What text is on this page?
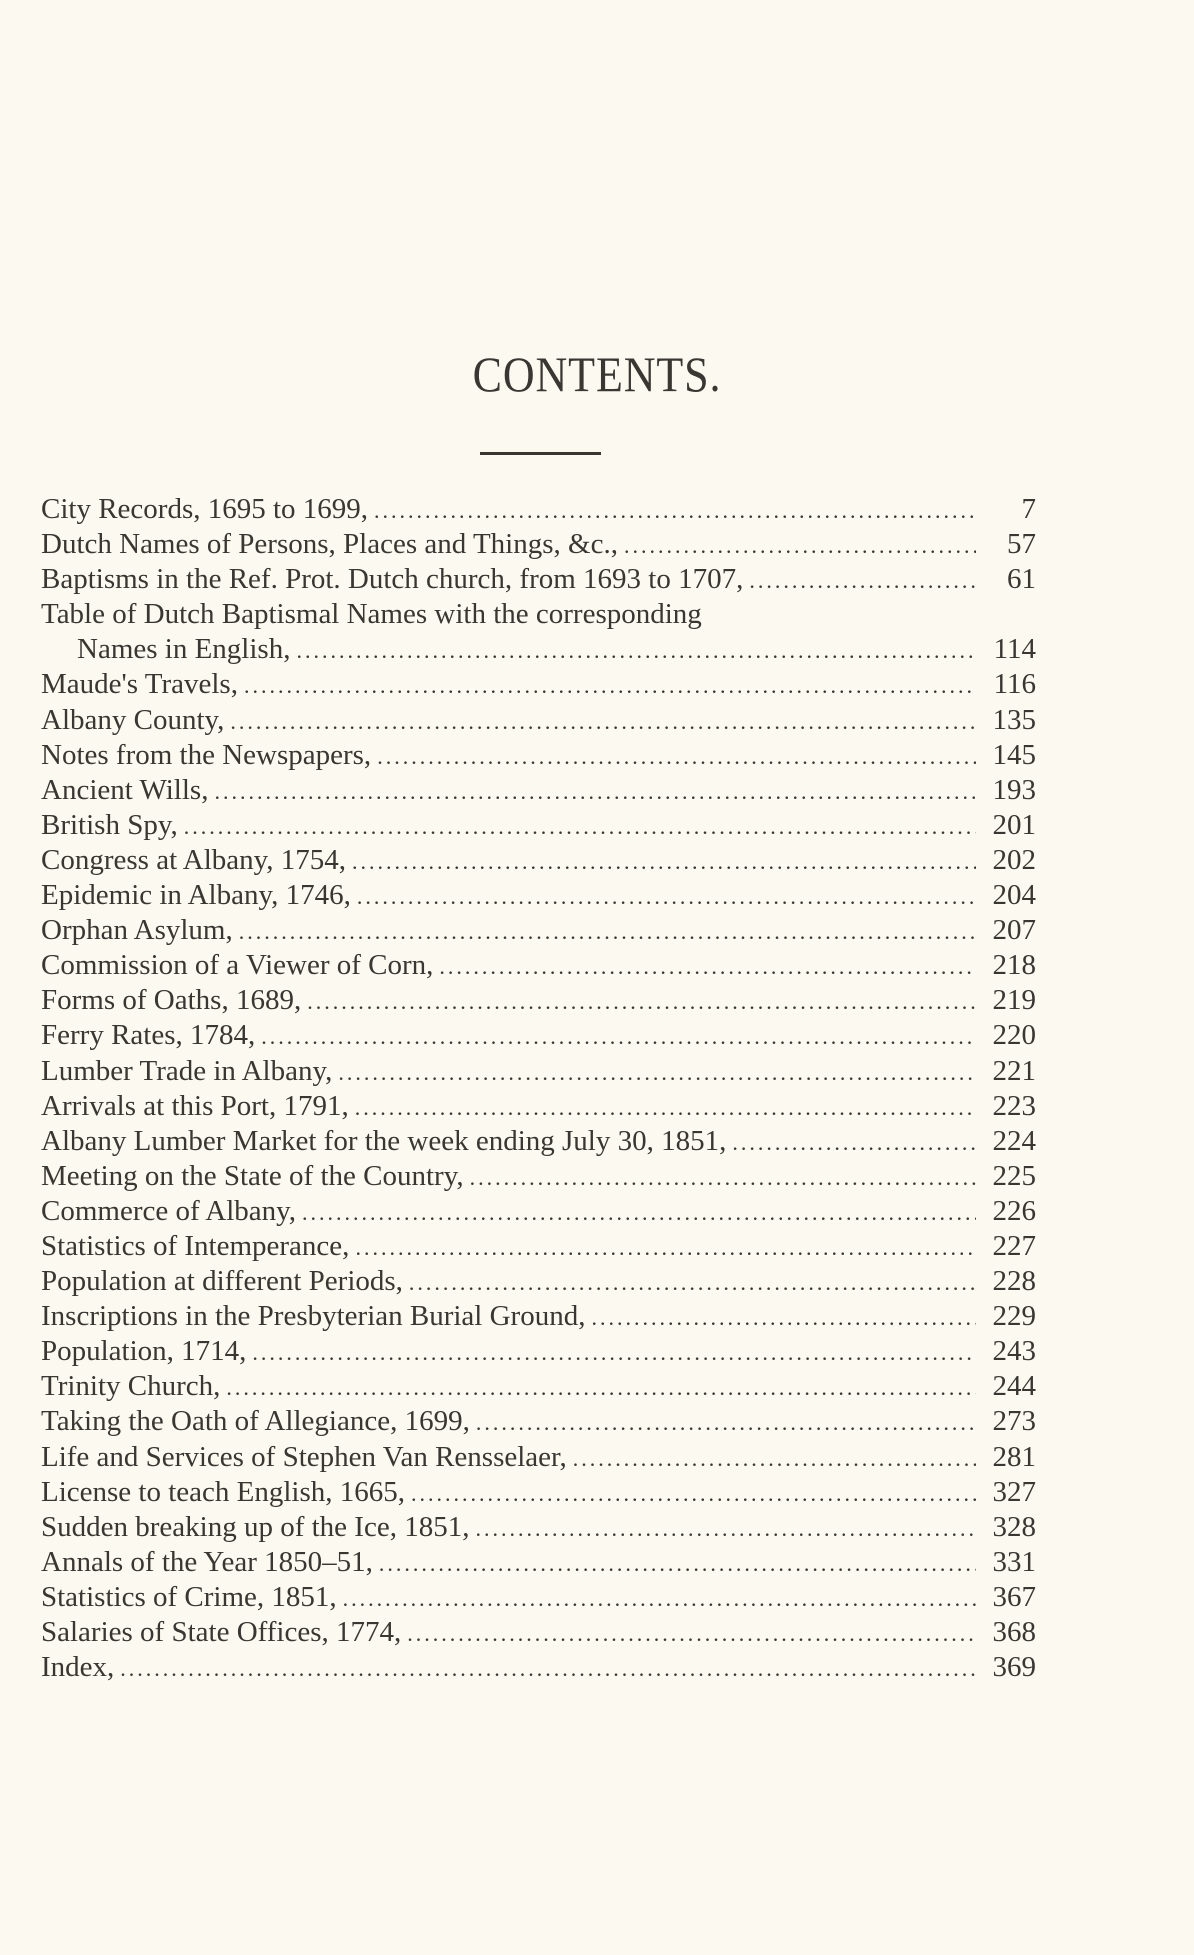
CONTENTS.
City Records, 1695 to 1699, .....	7
Dutch Names of Persons, Places and Things, &c., .....	57
Baptisms in the Ref. Prot. Dutch church, from 1693 to 1707, .....	61
Table of Dutch Baptismal Names with the corresponding
Names in English, .....	114
Maude's Travels, .....	116
Albany County, .....	135
Notes from the Newspapers, .....	145
Ancient Wills, .....	193
British Spy, .....	201
Congress at Albany, 1754, .....	202
Epidemic in Albany, 1746, .....	204
Orphan Asylum, .....	207
Commission of a Viewer of Corn, .....	218
Forms of Oaths, 1689, .....	219
Ferry Rates, 1784, .....	220
Lumber Trade in Albany, .....	221
Arrivals at this Port, 1791, .....	223
Albany Lumber Market for the week ending July 30, 1851, .....	224
Meeting on the State of the Country, .....	225
Commerce of Albany, .....	226
Statistics of Intemperance, .....	227
Population at different Periods, .....	228
Inscriptions in the Presbyterian Burial Ground, .....	229
Population, 1714, .....	243
Trinity Church, .....	244
Taking the Oath of Allegiance, 1699, .....	273
Life and Services of Stephen Van Rensselaer, .....	281
License to teach English, 1665, .....	327
Sudden breaking up of the Ice, 1851, .....	328
Annals of the Year 1850–51, .....	331
Statistics of Crime, 1851, .....	367
Salaries of State Offices, 1774, .....	368
Index, .....	369
